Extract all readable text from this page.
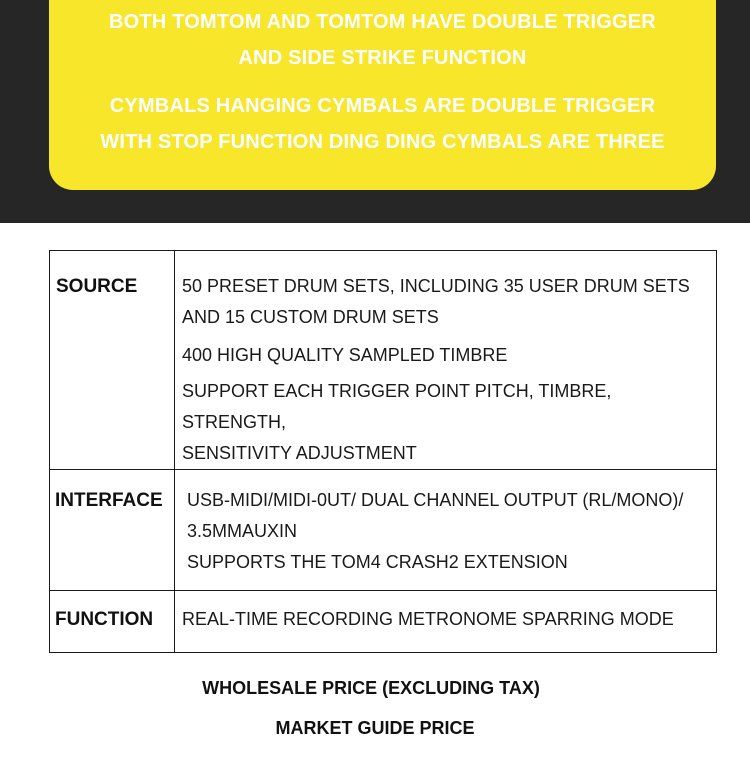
BOTH TOMTOM AND TOMTOM HAVE DOUBLE TRIGGER
AND SIDE STRIKE FUNCTION
CYMBALS HANGING CYMBALS ARE DOUBLE TRIGGER
WITH STOP FUNCTION DING DING CYMBALS ARE THREE
SOURCE	50 PRESET DRUM SETS, INCLUDING 35 USER DRUM SETS
AND 15 CUSTOM DRUM SETS
400 HIGH QUALITY SAMPLED TIMBRE
SUPPORT EACH TRIGGER POINT PITCH, TIMBRE, STRENGTH,
SENSITIVITY ADJUSTMENT

INTERFACE	USB-MIDI/MIDI-0UT/ DUAL CHANNEL OUTPUT (RL/MONO)/
3.5MMAUXIN
SUPPORTS THE TOM4 CRASH2 EXTENSION

FUNCTION	REAL-TIME RECORDING METRONOME SPARRING MODE
WHOLESALE PRICE (EXCLUDING TAX)
MARKET GUIDE PRICE
